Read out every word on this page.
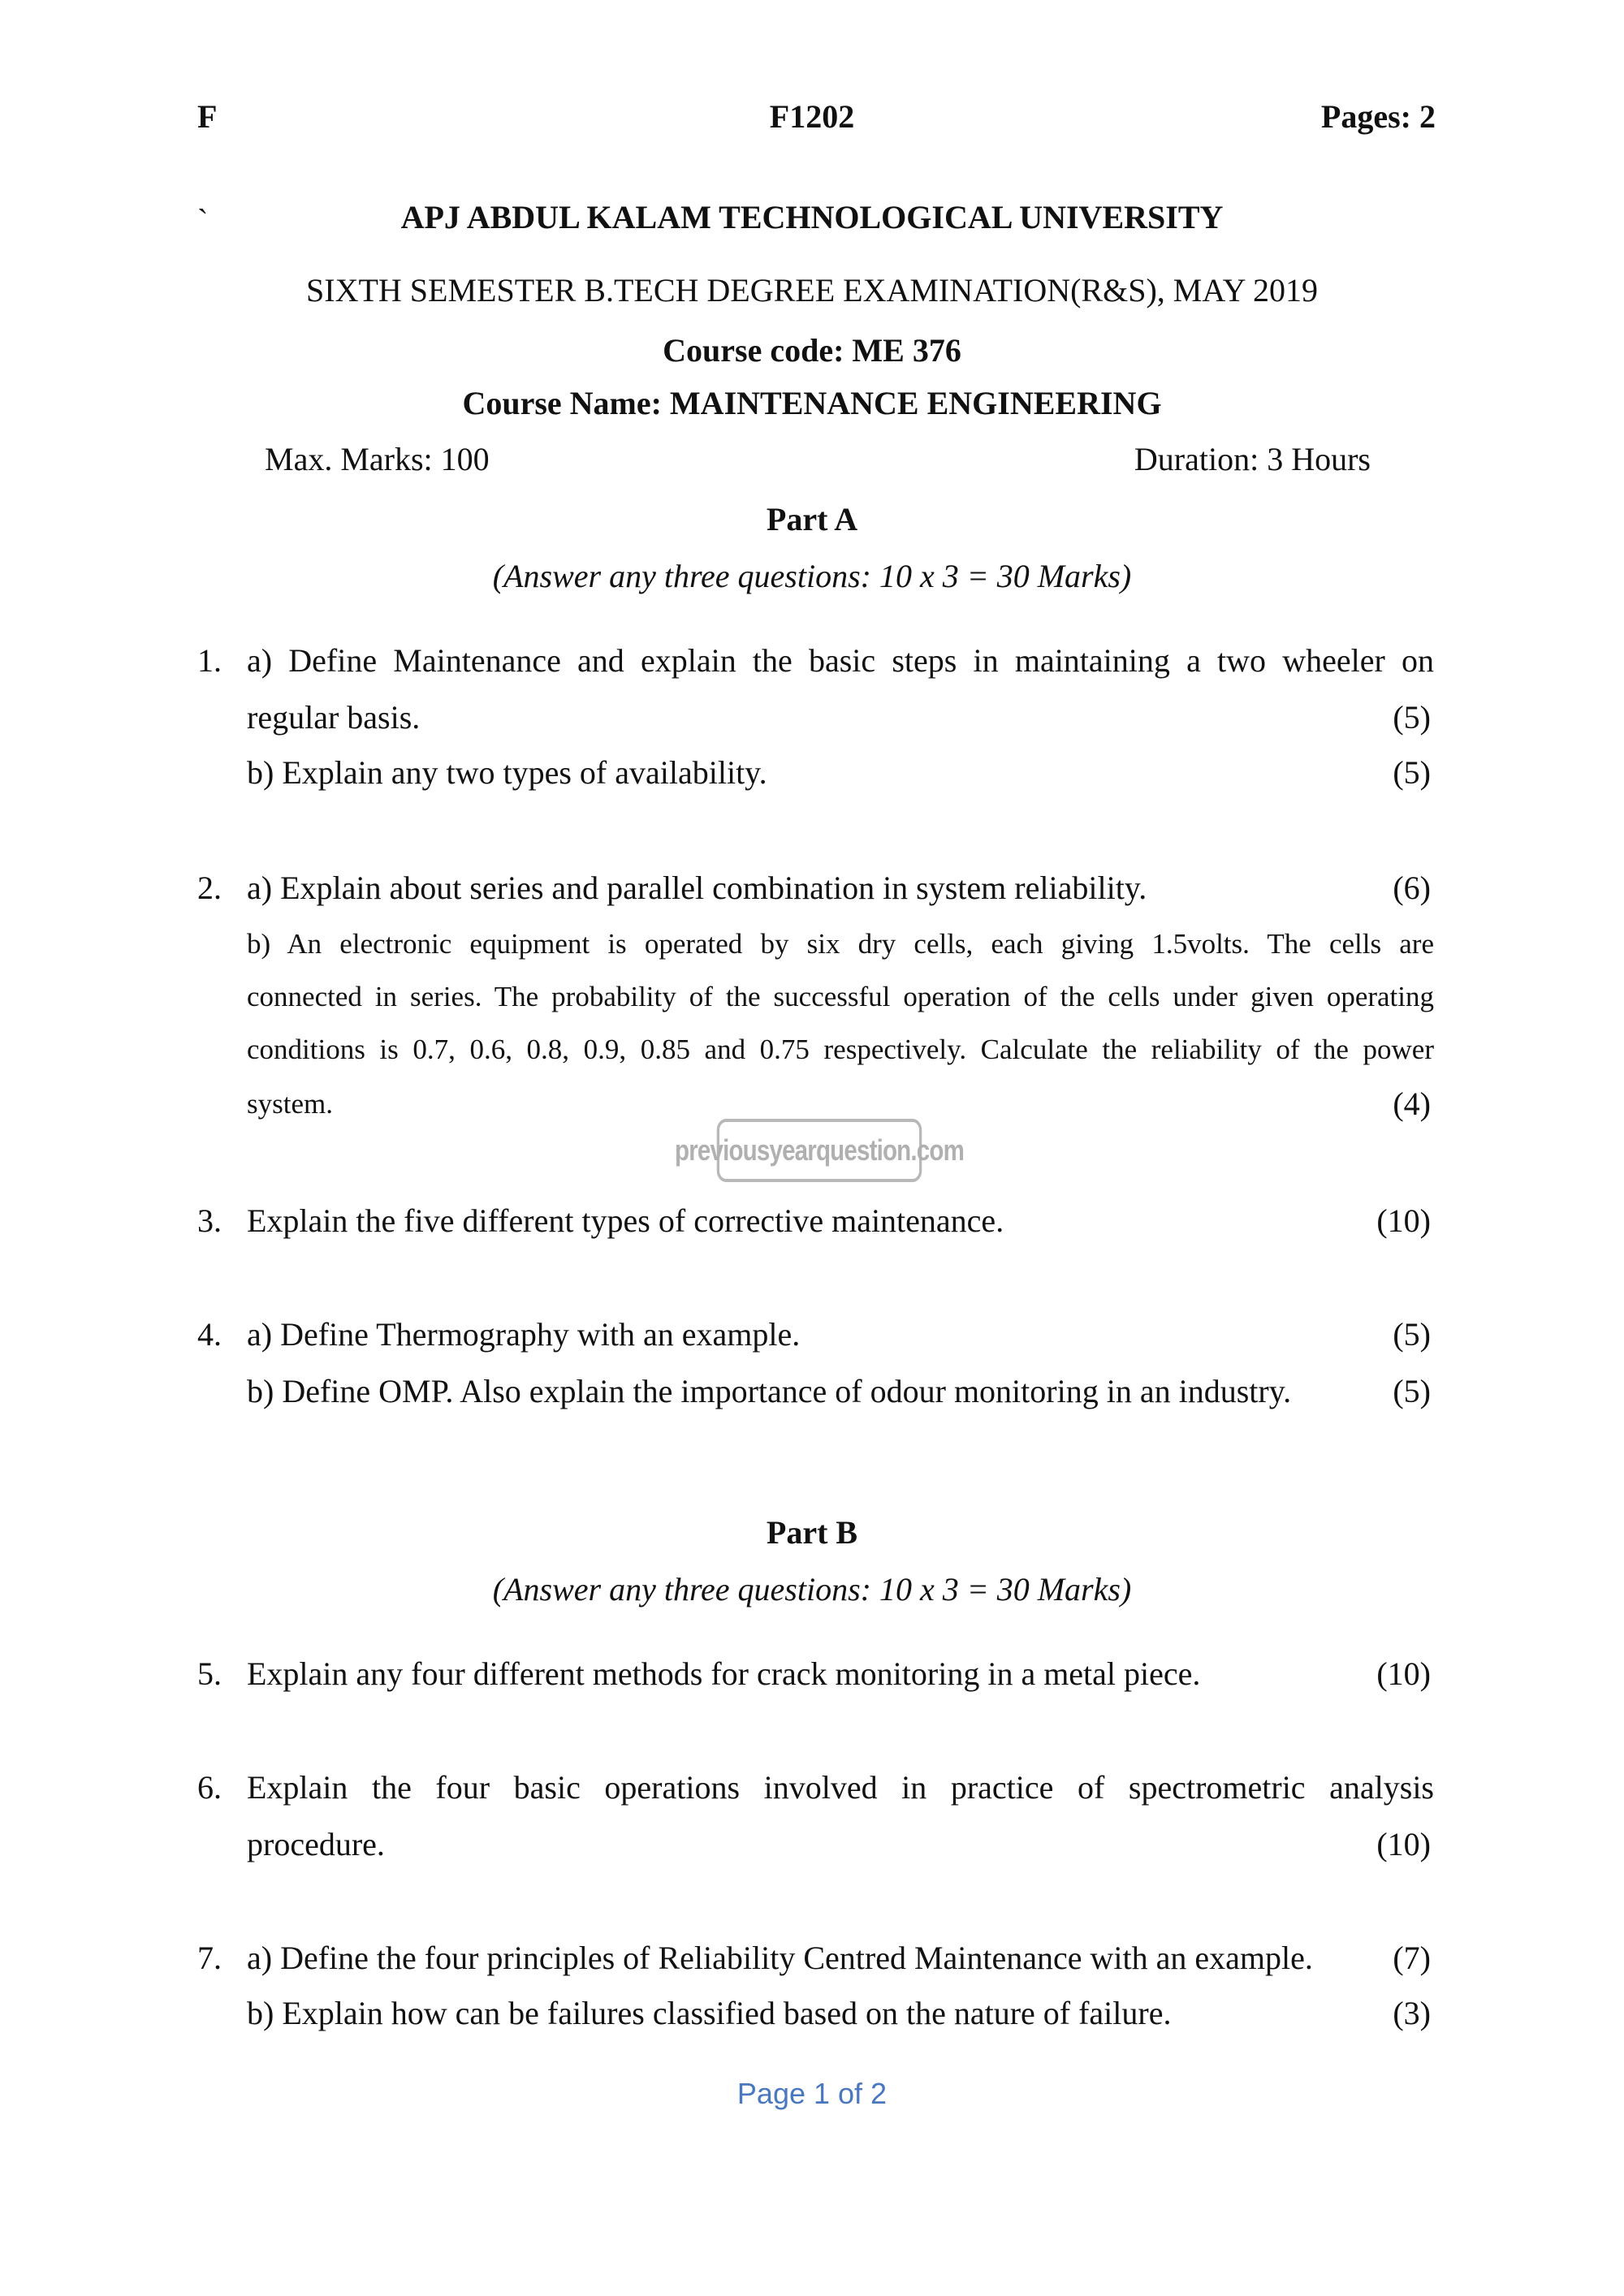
F	F1202	Pages: 2
`	APJ ABDUL KALAM TECHNOLOGICAL UNIVERSITY
SIXTH SEMESTER B.TECH DEGREE EXAMINATION(R&S), MAY 2019
Course code: ME 376
Course Name: MAINTENANCE ENGINEERING
Max. Marks: 100	Duration: 3 Hours
Part A
(Answer any three questions: 10 x 3 = 30 Marks)
1. a) Define Maintenance and explain the basic steps in maintaining a two wheeler on
regular basis.	(5)
b) Explain any two types of availability.	(5)
2. a) Explain about series and parallel combination in system reliability.	(6)
b) An electronic equipment is operated by six dry cells, each giving 1.5volts. The cells are
connected in series. The probability of the successful operation of the cells under given operating
conditions is 0.7, 0.6, 0.8, 0.9, 0.85 and 0.75 respectively. Calculate the reliability of the power
system.	(4)
previousyearquestion.com
3. Explain the five different types of corrective maintenance.	(10)
4. a) Define Thermography with an example.	(5)
b) Define OMP. Also explain the importance of odour monitoring in an industry.	(5)
Part B
(Answer any three questions: 10 x 3 = 30 Marks)
5. Explain any four different methods for crack monitoring in a metal piece.	(10)
6. Explain the four basic operations involved in practice of spectrometric analysis
procedure.	(10)
7. a) Define the four principles of Reliability Centred Maintenance with an example. (7)
b) Explain how can be failures classified based on the nature of failure.	(3)
Page 1 of 2
